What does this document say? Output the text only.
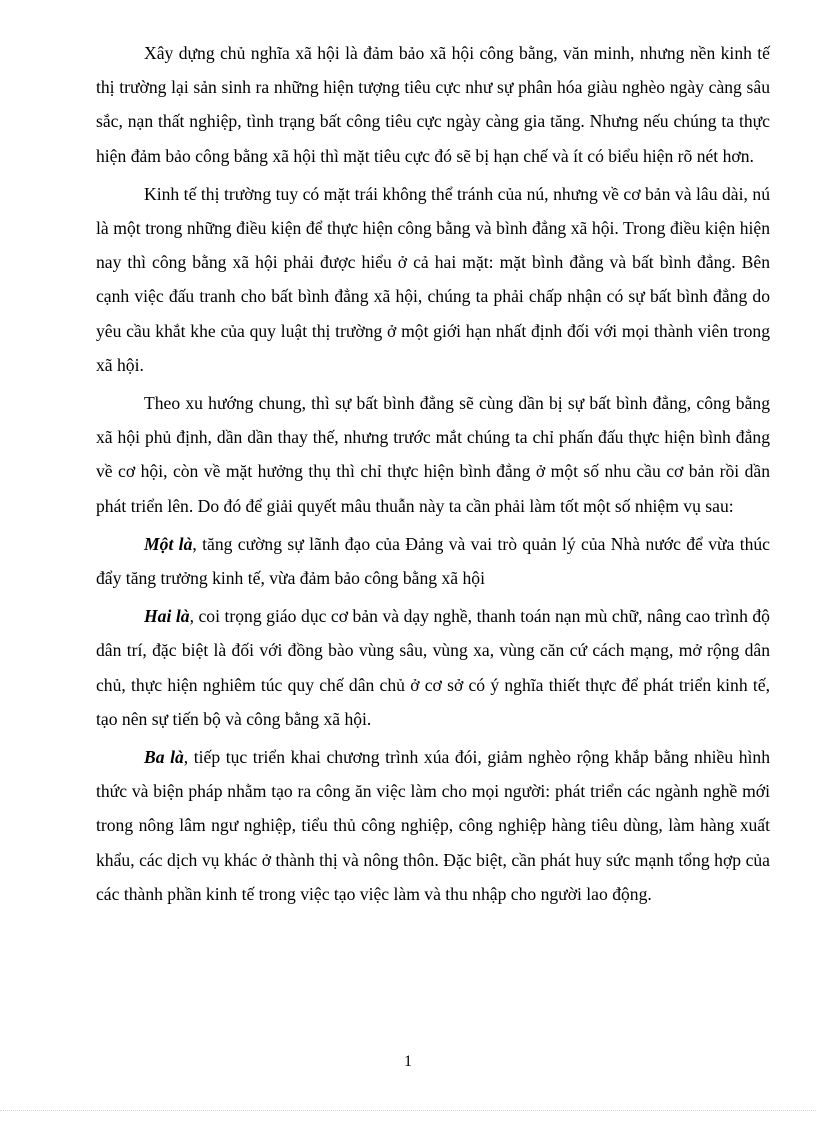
Xây dựng chủ nghĩa xã hội là đảm bảo xã hội công bằng, văn minh, nhưng nền kinh tế thị trường lại sản sinh ra những hiện tượng tiêu cực như sự phân hóa giàu nghèo ngày càng sâu sắc, nạn thất nghiệp, tình trạng bất công tiêu cực ngày càng gia tăng. Nhưng nếu chúng ta thực hiện đảm bảo công bằng xã hội thì mặt tiêu cực đó sẽ bị hạn chế và ít có biểu hiện rõ nét hơn.

Kinh tế thị trường tuy có mặt trái không thể tránh của nú, nhưng về cơ bản và lâu dài, nú là một trong những điều kiện để thực hiện công bằng và bình đẳng xã hội. Trong điều kiện hiện nay thì công bằng xã hội phải được hiểu ở cả hai mặt: mặt bình đẳng và bất bình đẳng. Bên cạnh việc đấu tranh cho bất bình đẳng xã hội, chúng ta phải chấp nhận có sự bất bình đẳng do yêu cầu khắt khe của quy luật thị trường ở một giới hạn nhất định đối với mọi thành viên trong xã hội.

Theo xu hướng chung, thì sự bất bình đẳng sẽ cùng dần bị sự bất bình đẳng, công bằng xã hội phủ định, dần dần thay thế, nhưng trước mắt chúng ta chỉ phấn đấu thực hiện bình đẳng về cơ hội, còn về mặt hưởng thụ thì chỉ thực hiện bình đẳng ở một số nhu cầu cơ bản rồi dần phát triển lên. Do đó để giải quyết mâu thuẫn này ta cần phải làm tốt một số nhiệm vụ sau:

Một là, tăng cường sự lãnh đạo của Đảng và vai trò quản lý của Nhà nước để vừa thúc đẩy tăng trưởng kinh tế, vừa đảm bảo công bằng xã hội

Hai là, coi trọng giáo dục cơ bản và dạy nghề, thanh toán nạn mù chữ, nâng cao trình độ dân trí, đặc biệt là đối với đồng bào vùng sâu, vùng xa, vùng căn cứ cách mạng, mở rộng dân chủ, thực hiện nghiêm túc quy chế dân chủ ở cơ sở có ý nghĩa thiết thực để phát triển kinh tế, tạo nên sự tiến bộ và công bằng xã hội.

Ba là, tiếp tục triển khai chương trình xúa đói, giảm nghèo rộng khắp bằng nhiều hình thức và biện pháp nhằm tạo ra công ăn việc làm cho mọi người: phát triển các ngành nghề mới trong nông lâm ngư nghiệp, tiểu thủ công nghiệp, công nghiệp hàng tiêu dùng, làm hàng xuất khẩu, các dịch vụ khác ở thành thị và nông thôn. Đặc biệt, cần phát huy sức mạnh tổng hợp của các thành phần kinh tế trong việc tạo việc làm và thu nhập cho người lao động.

1
